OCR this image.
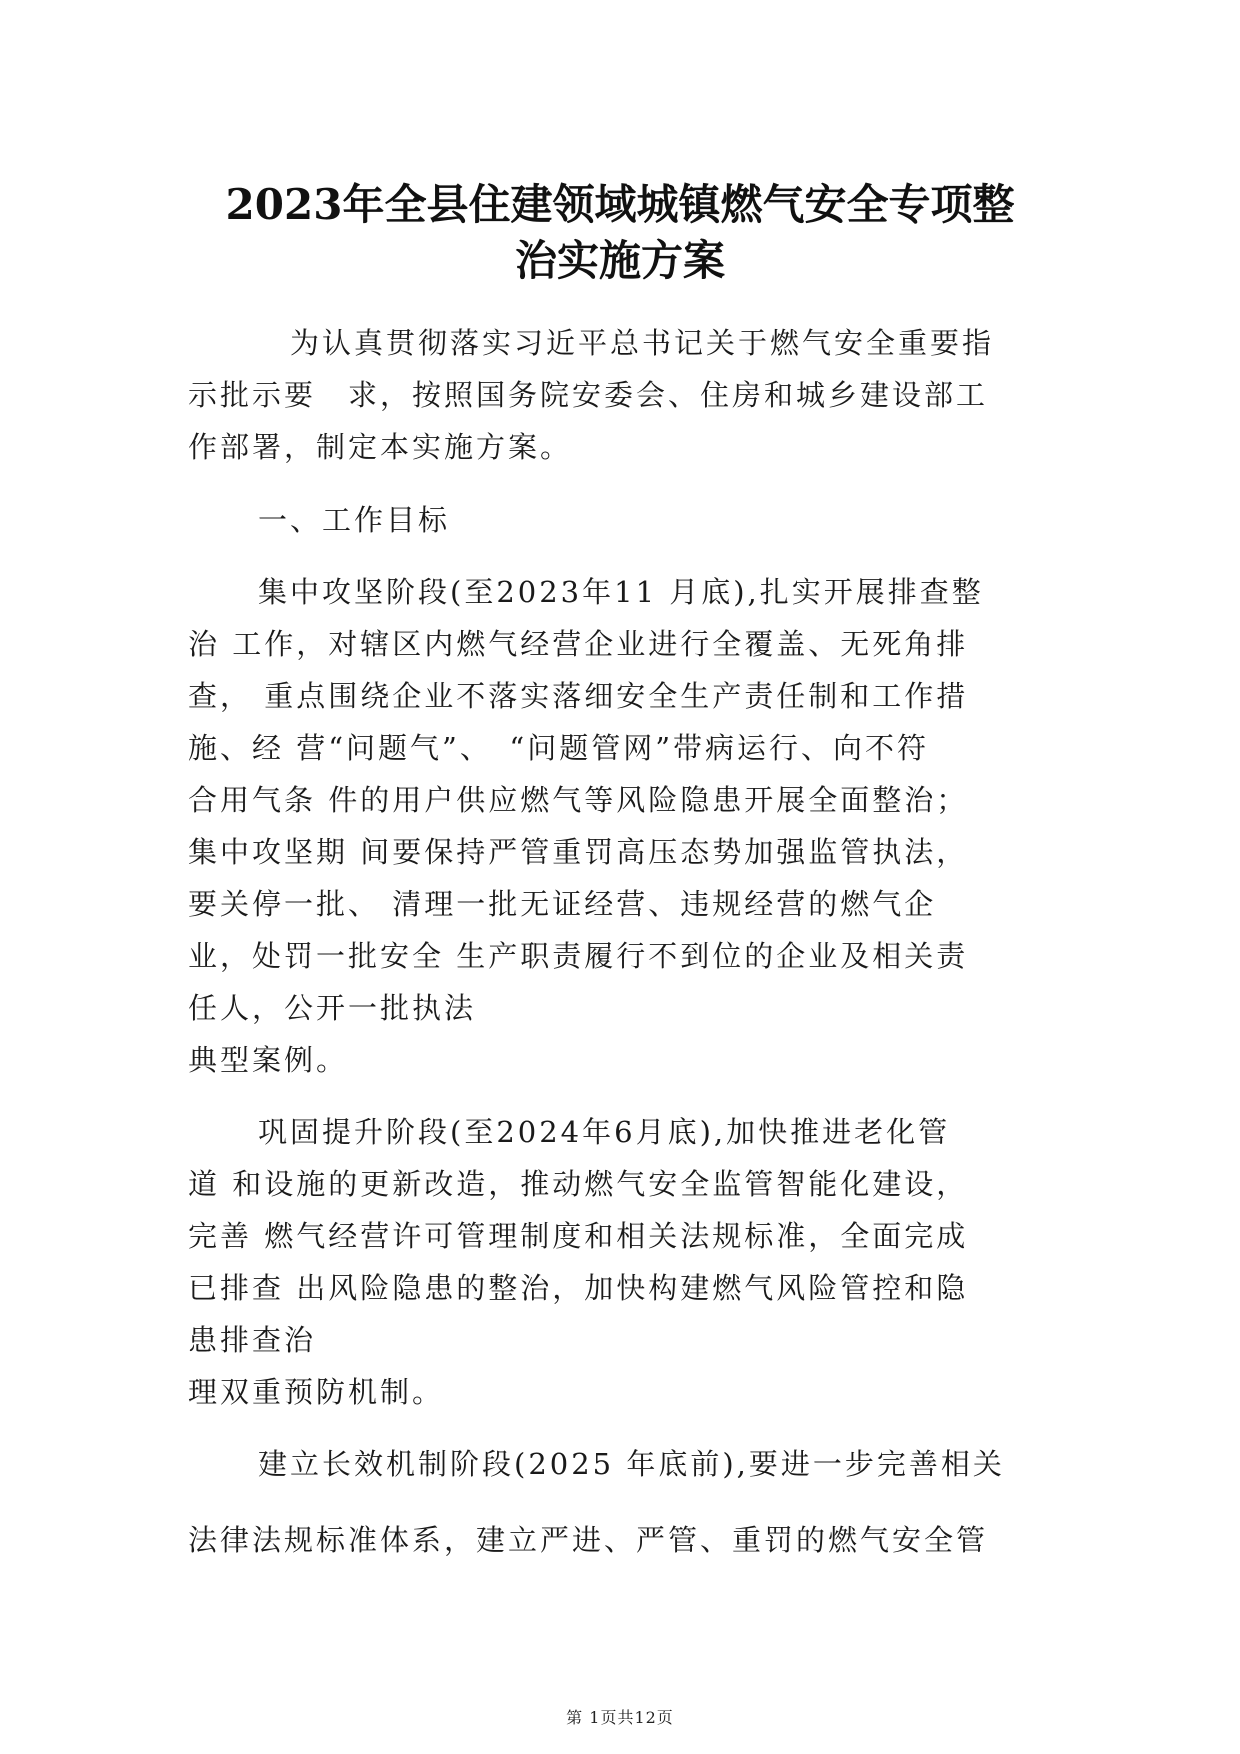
2023年全县住建领域城镇燃气安全专项整
治实施方案
为认真贯彻落实习近平总书记关于燃气安全重要指
示批示要　求，按照国务院安委会、住房和城乡建设部工
作部署，制定本实施方案。
一、工作目标
集中攻坚阶段(至2023年11 月底),扎实开展排查整
治 工作，对辖区内燃气经营企业进行全覆盖、无死角排
查， 重点围绕企业不落实落细安全生产责任制和工作措
施、经 营“问题气”、　“问题管网”带病运行、向不符
合用气条 件的用户供应燃气等风险隐患开展全面整治；
集中攻坚期 间要保持严管重罚高压态势加强监管执法，
要关停一批、 清理一批无证经营、违规经营的燃气企
业，处罚一批安全 生产职责履行不到位的企业及相关责
任人，公开一批执法
典型案例。
巩固提升阶段(至2024年6月底),加快推进老化管
道 和设施的更新改造，推动燃气安全监管智能化建设，
完善 燃气经营许可管理制度和相关法规标准，全面完成
已排查 出风险隐患的整治，加快构建燃气风险管控和隐
患排查治
理双重预防机制。
建立长效机制阶段(2025 年底前),要进一步完善相关
法律法规标准体系，建立严进、严管、重罚的燃气安全管
第 1页共12页
